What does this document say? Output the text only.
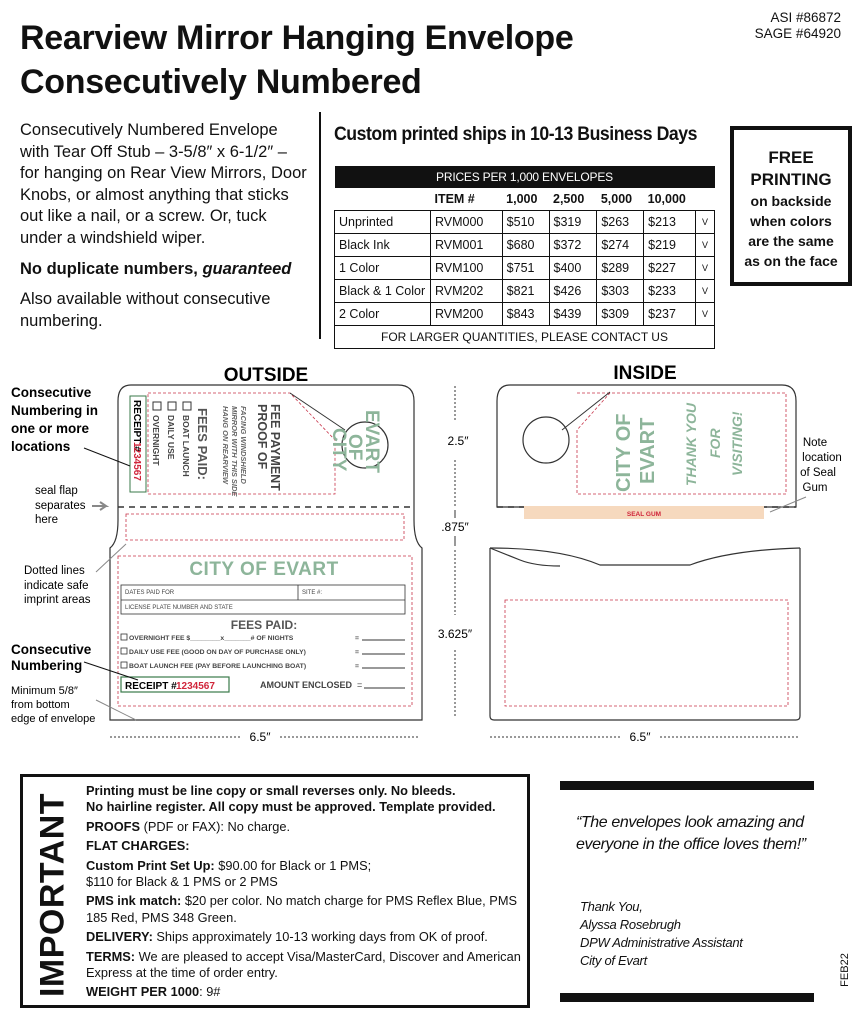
Rearview Mirror Hanging Envelope
Consecutively Numbered
ASI #86872
SAGE #64920

Consecutively Numbered Envelope with Tear Off Stub – 3-5/8″ x 6-1/2″ – for hanging on Rear View Mirrors, Door Knobs, or almost anything that sticks out like a nail, or a screw. Or, tuck under a windshield wiper.

No duplicate numbers, guaranteed

Also available without consecutive numbering.

Custom printed ships in 10-13 Business Days
PRICES PER 1,000 ENVELOPES						
	ITEM #	1,000	2,500	5,000	10,000	
Unprinted	RVM000	$510	$319	$263	$213	V
Black Ink	RVM001	$680	$372	$274	$219	V
1 Color	RVM100	$751	$400	$289	$227	V
Black & 1 Color	RVM202	$821	$426	$303	$233	V
2 Color	RVM200	$843	$439	$309	$237	V
FOR LARGER QUANTITIES, PLEASE CONTACT US						
FREE
PRINTING
on backside
when colors
are the same
as on the face
OUTSIDE	INSIDE
RECEIPT #
1234567 OVERNIGHT DAILY USE BOAT LAUNCH FEES PAID: HANG ON REARVIEW MIRROR WITH THIS SIDE FACING WINDSHIELD PROOF OF FEE PAYMENT CITY
OF
EVART
CITY OF EVART
DATES PAID FOR	SITE #:
LICENSE PLATE NUMBER AND STATE
FEES PAID:
OVERNIGHT FEE $________x_______# OF NIGHTS	=
DAILY USE FEE (GOOD ON DAY OF PURCHASE ONLY)	=
BOAT LAUNCH FEE (PAY BEFORE LAUNCHING BOAT)	=
RECEIPT # 1234567	AMOUNT ENCLOSED =
SEAL GUM
CITY OF EVART THANK YOU FOR VISITING!
2.5″
.875″
3.625″
6.5″	6.5″
Consecutive
Numbering in
one or more
locations
seal flap
separates
here
Dotted lines
indicate safe
imprint areas
Consecutive
Numbering
Minimum 5/8″
from bottom
edge of envelope
Note
location
of Seal
Gum
IMPORTANT

Printing must be line copy or small reverses only. No bleeds.

No hairline register. All copy must be approved. Template provided.

PROOFS (PDF or FAX): No charge.

FLAT CHARGES:

Custom Print Set Up: $90.00 for Black or 1 PMS;

$110 for Black & 1 PMS or 2 PMS

PMS ink match: $20 per color. No match charge for PMS Reflex Blue, PMS 185 Red, PMS 348 Green.

DELIVERY: Ships approximately 10-13 working days from OK of proof.

TERMS: We are pleased to accept Visa/MasterCard, Discover and American Express at the time of order entry.

WEIGHT PER 1000: 9#

“The envelopes look amazing and everyone in the office loves them!”
Thank You,
Alyssa Rosebrugh
DPW Administrative Assistant
City of Evart	FEB22
